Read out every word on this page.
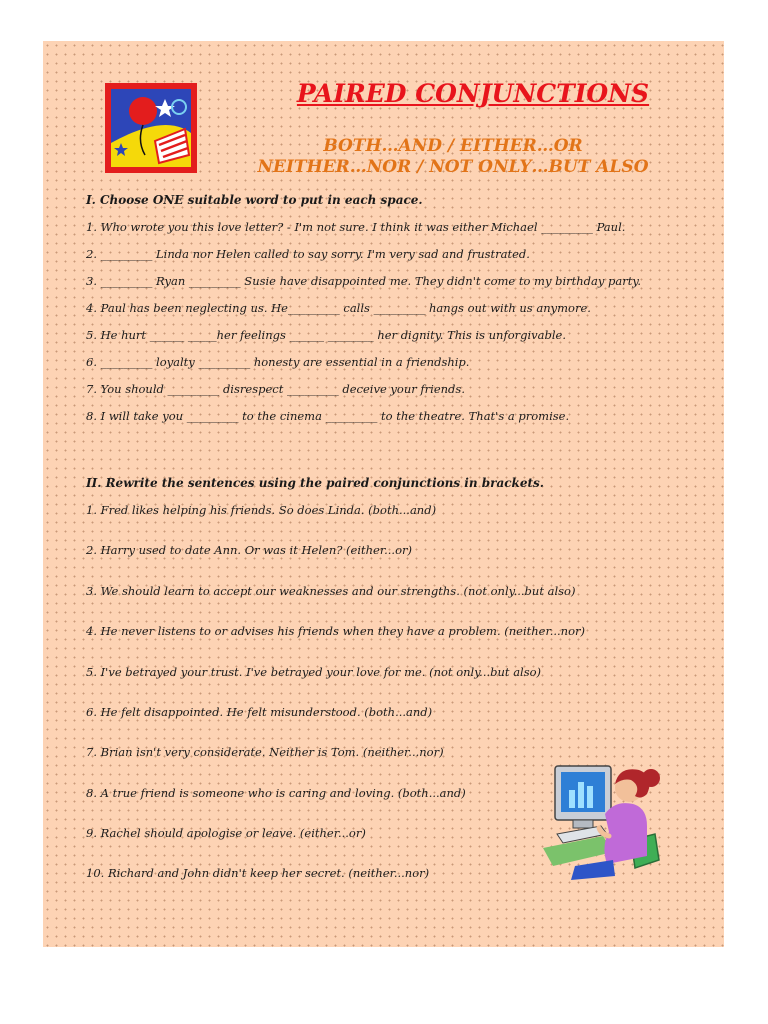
PAIRED CONJUNCTIONS
BOTH…AND / EITHER…OR
NEITHER…NOR / NOT ONLY…BUT ALSO
I. Choose ONE suitable word to put in each space.
1. Who wrote you this love letter? - I'm not sure. I think it was either Michael _________ Paul.
2. _________ Linda nor Helen called to say sorry. I'm very sad and frustrated.
3. _________ Ryan _________ Susie have disappointed me. They didn't come to my birthday party.
4. Paul has been neglecting us. He_________ calls _________ hangs out with us anymore.
5. He hurt ______ _____her feelings ______ ________ her dignity. This is unforgivable.
6. _________ loyalty _________ honesty are essential in a friendship.
7. You should _________ disrespect _________ deceive your friends.
8. I will take you _________ to the cinema _________ to the theatre. That's a promise.
II. Rewrite the sentences using the paired conjunctions in brackets.
1. Fred likes helping his friends. So does Linda. (both...and)
2. Harry used to date Ann. Or was it Helen? (either...or)
3. We should learn to accept our weaknesses and our strengths. (not only...but also)
4. He never listens to or advises his friends when they have a problem. (neither...nor)
5. I've betrayed your trust. I've betrayed your love for me. (not only...but also)
6. He felt disappointed. He felt misunderstood. (both...and)
7. Brian isn't very considerate. Neither is Tom. (neither...nor)
8. A true friend is someone who is caring and loving. (both...and)
9. Rachel should apologise or leave. (either...or)
10. Richard and John didn't keep her secret. (neither...nor)
